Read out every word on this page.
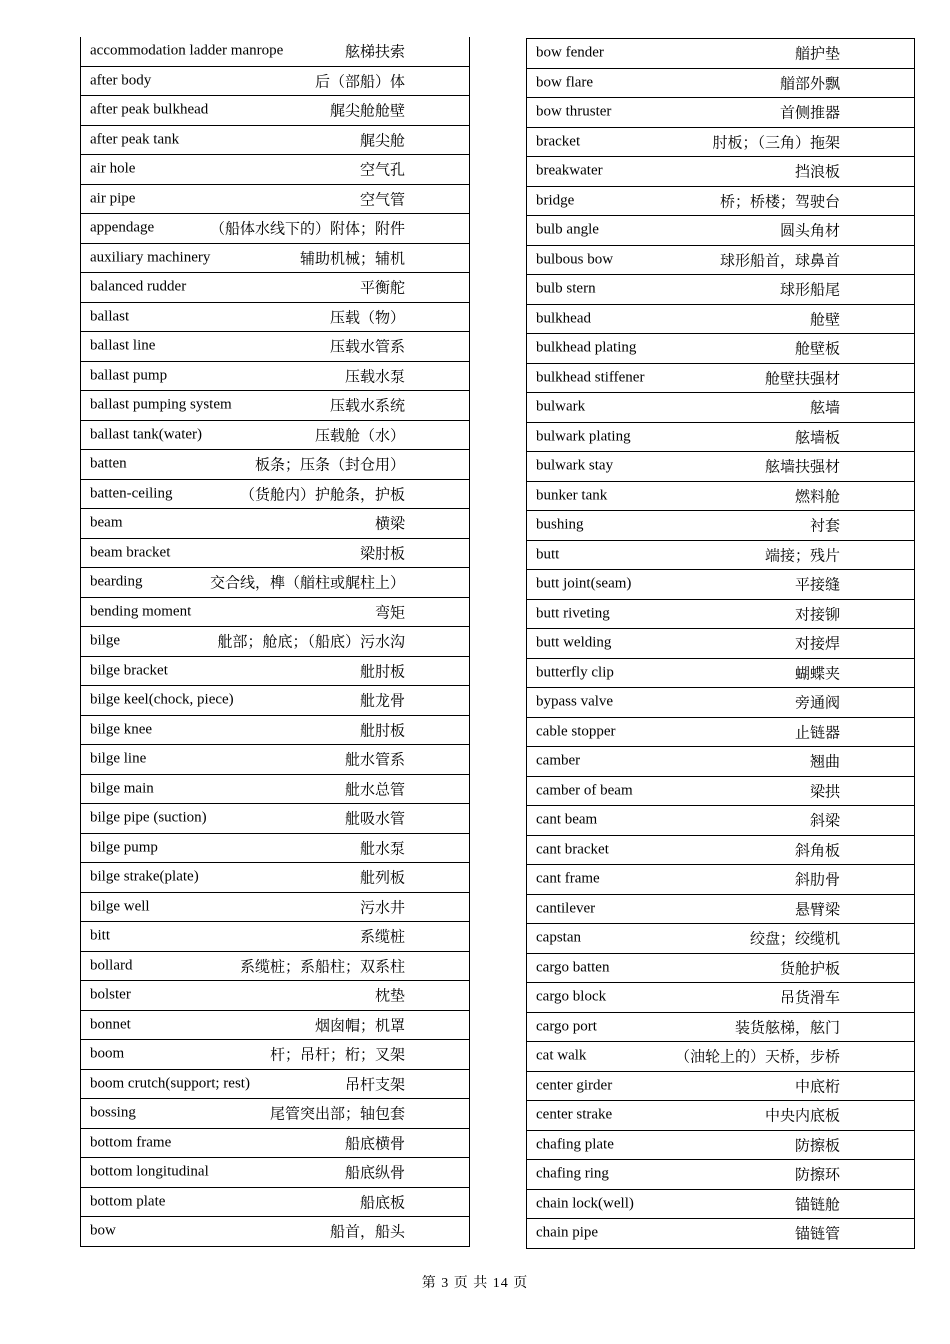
accommodation ladder manrope	舷梯扶索

after body	后（部船）体

after peak bulkhead	艉尖舱舱壁

after peak tank	艉尖舱

air hole	空气孔

air pipe	空气管

appendage	（船体水线下的）附体；附件

auxiliary machinery	辅助机械；辅机

balanced rudder	平衡舵

ballast	压载（物）

ballast line	压载水管系

ballast pump	压载水泵

ballast pumping system	压载水系统

ballast tank(water)	压载舱（水）

batten	板条；压条（封仓用）

batten-ceiling	（货舱内）护舱条，护板

beam	横梁

beam bracket	梁肘板

bearding	交合线，榫（艏柱或艉柱上）

bending moment	弯矩

bilge	舭部；舱底；（船底）污水沟

bilge bracket	舭肘板

bilge keel(chock, piece)	舭龙骨

bilge knee	舭肘板

bilge line	舭水管系

bilge main	舭水总管

bilge pipe (suction)	舭吸水管

bilge pump	舭水泵

bilge strake(plate)	舭列板

bilge well	污水井

bitt	系缆桩

bollard	系缆桩；系船柱；双系柱

bolster	枕垫

bonnet	烟囱帽；机罩

boom	杆；吊杆；桁；叉架

boom crutch(support; rest)	吊杆支架

bossing	尾管突出部；轴包套

bottom frame	船底横骨

bottom longitudinal	船底纵骨

bottom plate	船底板

bow	船首，船头
bow fender	艏护垫

bow flare	艏部外飘

bow thruster	首侧推器

bracket	肘板；（三角）拖架

breakwater	挡浪板

bridge	桥；桥楼；驾驶台

bulb angle	圆头角材

bulbous bow	球形船首，球鼻首

bulb stern	球形船尾

bulkhead	舱壁

bulkhead plating	舱壁板

bulkhead stiffener	舱壁扶强材

bulwark	舷墙

bulwark plating	舷墙板

bulwark stay	舷墙扶强材

bunker tank	燃料舱

bushing	衬套

butt	端接；残片

butt joint(seam)	平接缝

butt riveting	对接铆

butt welding	对接焊

butterfly clip	蝴蝶夹

bypass valve	旁通阀

cable stopper	止链器

camber	翘曲

camber of beam	梁拱

cant beam	斜梁

cant bracket	斜角板

cant frame	斜肋骨

cantilever	悬臂梁

capstan	绞盘；绞缆机

cargo batten	货舱护板

cargo block	吊货滑车

cargo port	装货舷梯，舷门

cat walk	（油轮上的）天桥，步桥

center girder	中底桁

center strake	中央内底板

chafing plate	防擦板

chafing ring	防擦环

chain lock(well)	锚链舱

chain pipe	锚链管
第 3 页 共 14 页
